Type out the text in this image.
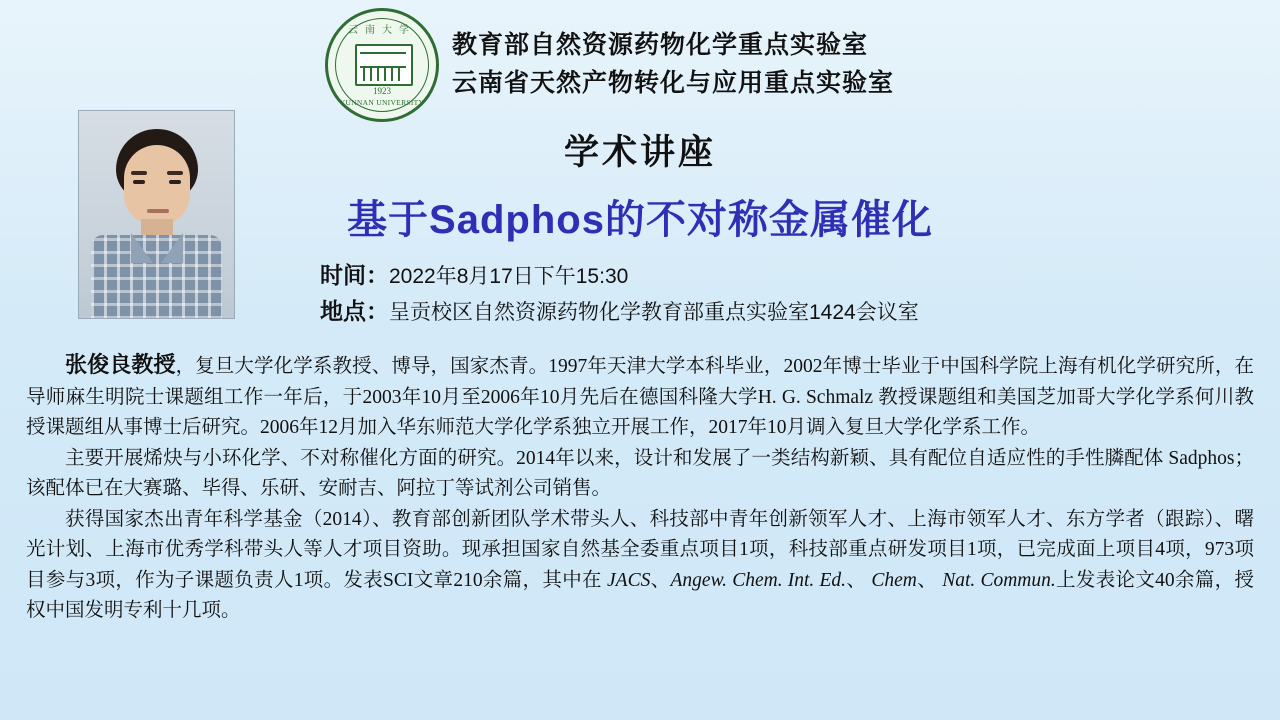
云南大学
1923
YUNNAN UNIVERSITY
教育部自然资源药物化学重点实验室
云南省天然产物转化与应用重点实验室
学术讲座
基于Sadphos的不对称金属催化
时间：2022年8月17日下午15:30
地点：呈贡校区自然资源药物化学教育部重点实验室1424会议室

张俊良教授，复旦大学化学系教授、博导，国家杰青。1997年天津大学本科毕业，2002年博士毕业于中国科学院上海有机化学研究所，在导师麻生明院士课题组工作一年后，于2003年10月至2006年10月先后在德国科隆大学H. G. Schmalz 教授课题组和美国芝加哥大学化学系何川教授课题组从事博士后研究。2006年12月加入华东师范大学化学系独立开展工作，2017年10月调入复旦大学化学系工作。

主要开展烯炔与小环化学、不对称催化方面的研究。2014年以来，设计和发展了一类结构新颖、具有配位自适应性的手性膦配体 Sadphos；该配体已在大赛璐、毕得、乐研、安耐吉、阿拉丁等试剂公司销售。

获得国家杰出青年科学基金（2014）、教育部创新团队学术带头人、科技部中青年创新领军人才、上海市领军人才、东方学者（跟踪）、曙光计划、上海市优秀学科带头人等人才项目资助。现承担国家自然基全委重点项目1项，科技部重点研发项目1项，已完成面上项目4项，973项目参与3项，作为子课题负责人1项。发表SCI文章210余篇，其中在 JACS、Angew. Chem. Int. Ed.、 Chem、 Nat. Commun.上发表论文40余篇，授权中国发明专利十几项。
